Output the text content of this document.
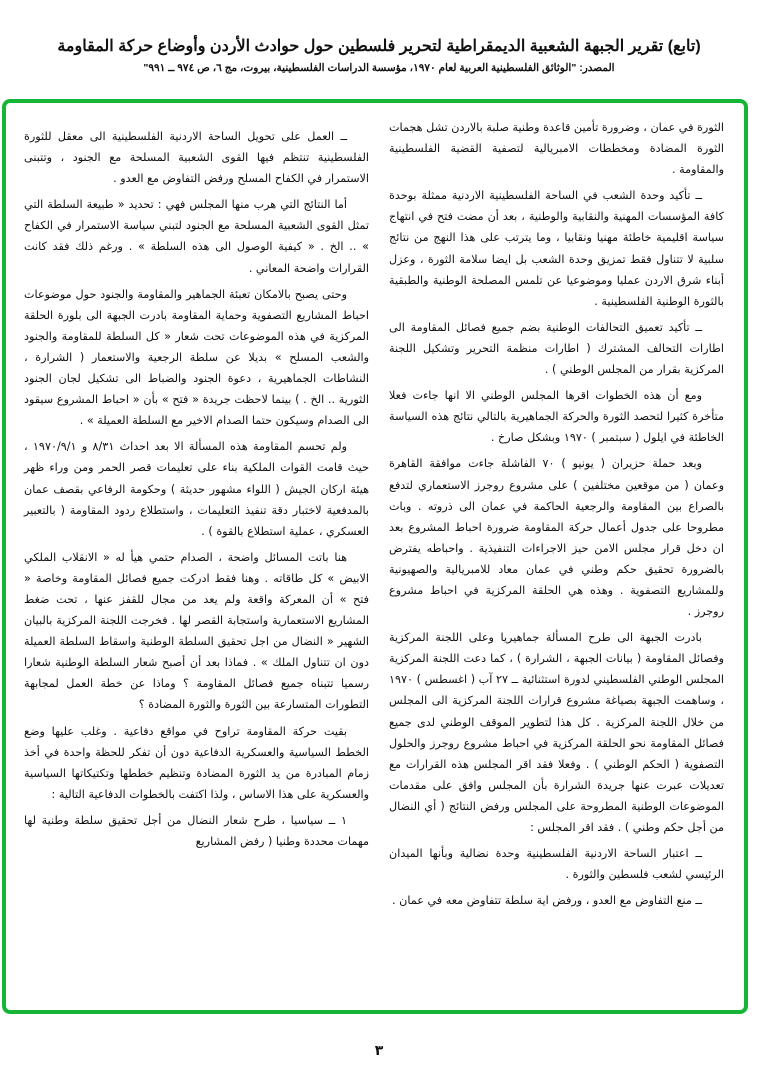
(تابع) تقرير الجبهة الشعبية الديمقراطية لتحرير فلسطين حول حوادث الأردن وأوضاع حركة المقاومة
المصدر: "الوثائق الفلسطينية العربية لعام ١٩٧٠، مؤسسة الدراسات الفلسطينية، بيروت، مج ٦، ص ٩٧٤ ــ ٩٩١"

الثورة في عمان ، وضرورة تأمين قاعدة وطنية صلبة بالاردن تشل هجمات الثورة المضادة ومخططات الامبريالية لتصفية القضية الفلسطينية والمقاومة .

ــ تأكيد وحدة الشعب في الساحة الفلسطينية الاردنية ممثلة بوحدة كافة المؤسسات المهنية والنقابية والوطنية ، بعد أن مضت فتح في انتهاج سياسة اقليمية خاطئة مهنيا ونقابيا ، وما يترتب على هذا النهج من نتائج سلبية لا تتناول فقط تمزيق وحدة الشعب بل ايضا سلامة الثورة ، وعزل أبناء شرق الاردن عمليا وموضوعيا عن تلمس المصلحة الوطنية والطبقية بالثورة الوطنية الفلسطينية .

ــ تأكيد تعميق التحالفات الوطنية بضم جميع فصائل المقاومة الى اطارات التحالف المشترك ( اطارات منظمة التحرير وتشكيل اللجنة المركزية بقرار من المجلس الوطني ) .

ومع أن هذه الخطوات اقرها المجلس الوطني الا انها جاءت فعلا متأخرة كثيرا لتحصد الثورة والحركة الجماهيرية بالتالي نتائج هذه السياسة الخاطئة في ايلول ( سبتمبر ) ١٩٧٠ وبشكل صارخ .

وبعد حملة حزيران ( يونيو ) ٧٠ الفاشلة جاءت موافقة القاهرة وعمان ( من موقعين مختلفين ) على مشروع روجرز الاستعماري لتدفع بالصراع بين المقاومة والرجعية الحاكمة في عمان الى ذروته . وبات مطروحا على جدول أعمال حركة المقاومة ضرورة احباط المشروع بعد ان دخل قرار مجلس الامن حيز الاجراءات التنفيذية . واحباطه يفترض بالضرورة تحقيق حكم وطني في عمان معاد للامبريالية والصهيونية وللمشاريع التصفوية . وهذه هي الحلقة المركزية في احباط مشروع روجرز .

بادرت الجبهة الى طرح المسألة جماهيريا وعلى اللجنة المركزية وفصائل المقاومة ( بيانات الجبهة ، الشرارة ) ، كما دعت اللجنة المركزية المجلس الوطني الفلسطيني لدورة استثنائية ــ ٢٧ آب ( اغسطس ) ١٩٧٠ ، وساهمت الجبهة بصياغة مشروع قرارات اللجنة المركزية الى المجلس من خلال اللجنة المركزية . كل هذا لتطوير الموقف الوطني لدى جميع فصائل المقاومة نحو الحلقة المركزية في احباط مشروع روجرز والحلول التصفوية ( الحكم الوطني ) . وفعلا فقد اقر المجلس هذه القرارات مع تعديلات عبرت عنها جريدة الشرارة بأن المجلس وافق على مقدمات الموضوعات الوطنية المطروحة على المجلس ورفض النتائج ( أي النضال من أجل حكم وطني ) . فقد اقر المجلس :

ــ اعتبار الساحة الاردنية الفلسطينية وحدة نضالية وبأنها الميدان الرئيسي لشعب فلسطين والثورة .

ــ منع التفاوض مع العدو ، ورفض اية سلطة تتفاوض معه في عمان .

ــ العمل على تحويل الساحة الاردنية الفلسطينية الى معقل للثورة الفلسطينية تنتظم فيها القوى الشعبية المسلحة مع الجنود ، وتتبنى الاستمرار في الكفاح المسلح ورفض التفاوض مع العدو .

أما النتائج التي هرب منها المجلس فهي : تحديد « طبيعة السلطة التي تمثل القوى الشعبية المسلحة مع الجنود لتبني سياسة الاستمرار في الكفاح » .. الخ . « كيفية الوصول الى هذه السلطة » . ورغم ذلك فقد كانت القرارات واضحة المعاني .

وحتى يصبح بالامكان تعبئة الجماهير والمقاومة والجنود حول موضوعات احباط المشاريع التصفوية وحماية المقاومة بادرت الجبهة الى بلورة الحلقة المركزية في هذه الموضوعات تحت شعار « كل السلطة للمقاومة والجنود والشعب المسلح » بديلا عن سلطة الرجعية والاستعمار ( الشرارة ، النشاطات الجماهيرية ، دعوة الجنود والضباط الى تشكيل لجان الجنود الثورية .. الخ . ) بينما لاحظت جريدة « فتح » بأن « احباط المشروع سيقود الى الصدام وسيكون حتما الصدام الاخير مع السلطة العميلة » .

ولم تحسم المقاومة هذه المسألة الا بعد احداث ٨/٣١ و ١٩٧٠/٩/١ ، حيث قامت القوات الملكية بناء على تعليمات قصر الحمر ومن وراء ظهر هيئة اركان الجيش ( اللواء مشهور حديثة ) وحكومة الرفاعي بقصف عمان بالمدفعية لاختبار دقة تنفيذ التعليمات ، واستطلاع ردود المقاومة ( بالتعبير العسكري ، عملية استطلاع بالقوة ) .

هنا باتت المسائل واضحة ، الصدام حتمي هيأ له « الانقلاب الملكي الابيض » كل طاقاته . وهنا فقط ادركت جميع فصائل المقاومة وخاصة « فتح » أن المعركة واقعة ولم يعد من مجال للقفز عنها ، تحت ضغط المشاريع الاستعمارية واستجابة القصر لها . فخرجت اللجنة المركزية بالبيان الشهير « النضال من اجل تحقيق السلطة الوطنية واسقاط السلطة العميلة دون ان تتناول الملك » . فماذا بعد أن أصبح شعار السلطة الوطنية شعارا رسميا تتبناه جميع فصائل المقاومة ؟ وماذا عن خطة العمل لمجابهة التطورات المتسارعة بين الثورة والثورة المضادة ؟

بقيت حركة المقاومة تراوح في مواقع دفاعية . وغلب عليها وضع الخطط السياسية والعسكرية الدفاعية دون أن تفكر للحظة واحدة في أخذ زمام المبادرة من يد الثورة المضادة وتنظيم خططها وتكتيكاتها السياسية والعسكرية على هذا الاساس ، ولذا اكتفت بالخطوات الدفاعية التالية :

١ ــ سياسيا ، طرح شعار النضال من أجل تحقيق سلطة وطنية لها مهمات محددة وطنيا ( رفض المشاريع

٣
